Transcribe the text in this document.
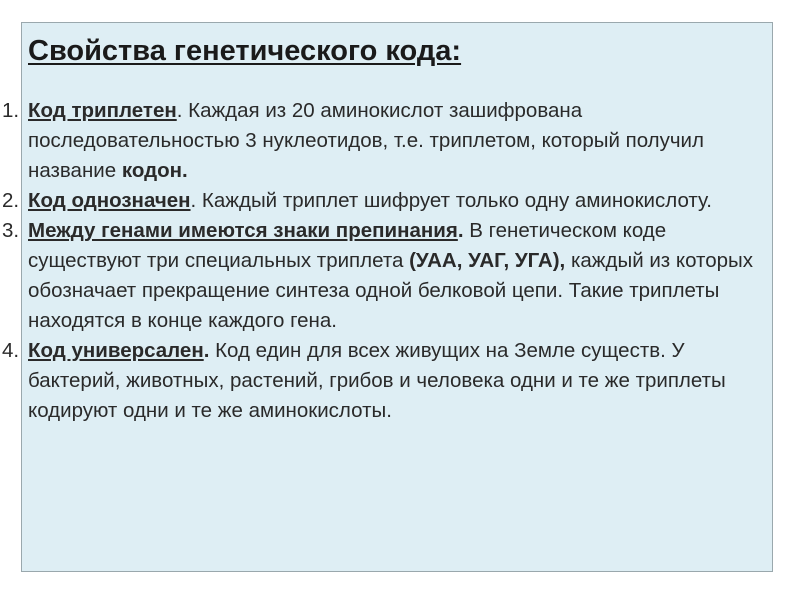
Свойства генетического кода:
1. Код триплетен. Каждая из 20 аминокислот зашифрована последовательностью 3 нуклеотидов, т.е. триплетом, который получил название кодон.
2. Код однозначен. Каждый триплет шифрует только одну аминокислоту.
3. Между генами имеются знаки препинания. В генетическом коде существуют три специальных триплета (УАА, УАГ, УГА), каждый из которых обозначает прекращение синтеза одной белковой цепи. Такие триплеты находятся в конце каждого гена.
4. Код универсален. Код един для всех живущих на Земле существ. У бактерий, животных, растений, грибов и человека одни и те же триплеты кодируют одни и те же аминокислоты.
